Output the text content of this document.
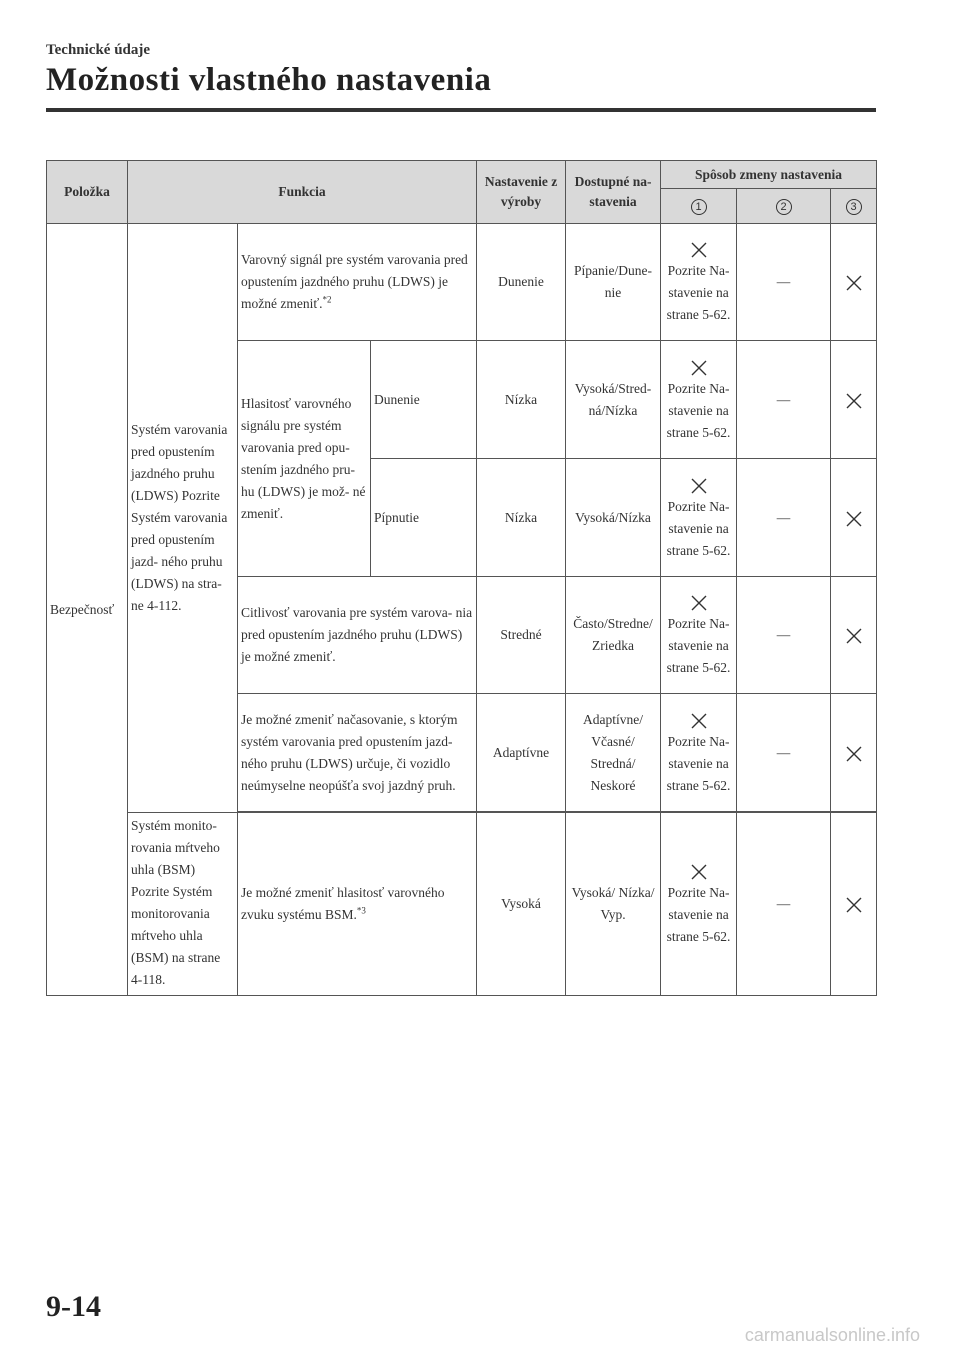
Technické údaje
Možnosti vlastného nastavenia
Položka	Funkcia			Nastavenie z výroby	Dostupné na- stavenia	Spôsob zmeny nastavenia		
						1	2	3
Bezpečnosť	Systém varovania pred opustením jazdného pruhu (LDWS) Pozrite Systém varovania pred opustením jazd- ného pruhu (LDWS) na stra- ne 4-112.	Varovný signál pre systém varovania pred opustením jazdného pruhu (LDWS) je možné zmeniť.$^{*2}$		Dunenie	Pípanie/Dune- nie	Pozrite Na- stavenie na strane 5-62.	—	

		Hlasitosť varovného signálu pre systém varovania pred opu- stením jazdného pru- hu (LDWS) je mož- né zmeniť.	Dunenie	Nízka	Vysoká/Stred- ná/Nízka	Pozrite Na- stavenie na strane 5-62.	—	

			Pípnutie	Nízka	Vysoká/Nízka	Pozrite Na- stavenie na strane 5-62.	—	

		Citlivosť varovania pre systém varova- nia pred opustením jazdného pruhu (LDWS) je možné zmeniť.		Stredné	Často/Stredne/ Zriedka	Pozrite Na- stavenie na strane 5-62.	—	

		Je možné zmeniť načasovanie, s ktorým systém varovania pred opustením jazd- ného pruhu (LDWS) určuje, či vozidlo neúmyselne neopúšťa svoj jazdný pruh.		Adaptívne	Adaptívne/ Včasné/ Stredná/ Neskoré	Pozrite Na- stavenie na strane 5-62.	—	

	Systém monito- rovania mŕtveho uhla (BSM) Pozrite Systém monitorovania mŕtveho uhla (BSM) na strane 4-118.	Je možné zmeniť hlasitosť varovného zvuku systému BSM.$^{*3}$		Vysoká	Vysoká/ Nízka/ Vyp.	Pozrite Na- stavenie na strane 5-62.	—	
9-14
carmanualsonline.info
